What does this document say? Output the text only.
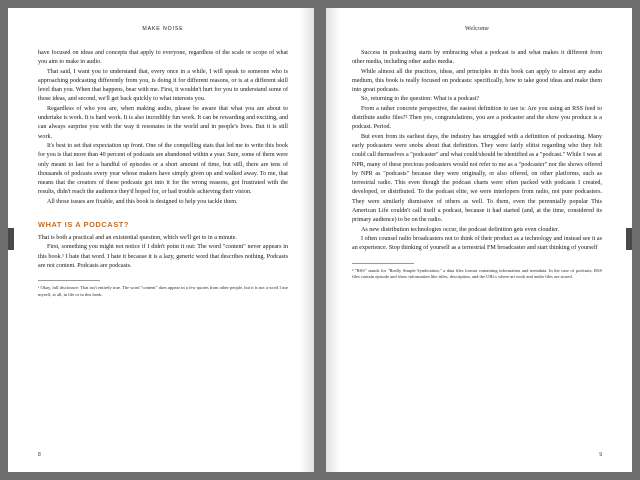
MAKE NOISE

have focused on ideas and concepts that apply to everyone, regardless of the scale or scope of what you aim to make in audio.

That said, I want you to understand that, every once in a while, I will speak to someone who is approaching podcasting differently from you, is doing it for different reasons, or is at a different skill level than you. When that happens, bear with me. First, it wouldn't hurt for you to understand some of those ideas, and second, we'll get back quickly to what interests you.

Regardless of who you are, when making audio, please be aware that what you are about to undertake is work. It is hard work. It is also incredibly fun work. It can be rewarding and exciting, and can always surprise you with the way it resonates in the world and in people's lives. But it is still work.

It's best to set that expectation up front. One of the compelling stats that led me to write this book for you is that more than 40 percent of podcasts are abandoned within a year. Sure, some of them were only meant to last for a handful of episodes or a short amount of time, but still, there are tens of thousands of podcasts every year whose makers have simply given up and walked away. To me, that means that the creators of these podcasts got into it for the wrong reasons, got frustrated with the results, didn't reach the audience they'd hoped for, or had trouble achieving their vision.

All those issues are fixable, and this book is designed to help you tackle them.

WHAT IS A PODCAST?

That is both a practical and an existential question, which we'll get to in a minute.

First, something you might not notice if I didn't point it out: The word "content" never appears in this book.¹ I hate that word. I hate it because it is a lazy, generic word that describes nothing. Podcasts are not content. Podcasts are podcasts.

¹ Okay, full disclosure: That isn't entirely true. The word "content" does appear in a few quotes from other people, but it is not a word I use myself, at all, in life or in this book.

8
Welcome

Success in podcasting starts by embracing what a podcast is and what makes it different from other media, including other audio media.

While almost all the practices, ideas, and principles in this book can apply to almost any audio medium, this book is really focused on podcasts: specifically, how to take good ideas and make them into great podcasts.

So, returning to the question: What is a podcast?

From a rather concrete perspective, the easiest definition to use is: Are you using an RSS feed to distribute audio files?² Then yes, congratulations, you are a podcaster and the show you produce is a podcast. Period.

But even from its earliest days, the industry has struggled with a definition of podcasting. Many early podcasters were snobs about that definition. They were fairly elitist regarding who they felt could call themselves a "podcaster" and what could/should be identified as a "podcast." While I was at NPR, many of these precious podcasters would not refer to me as a "podcaster" nor the shows offered by NPR as "podcasts" because they were originally, or also offered, on other platforms, such as terrestrial radio. This even though the podcast charts were often packed with podcasts I created, developed, or distributed. To the podcast elite, we were interlopers from radio, not pure podcasters. They were similarly dismissive of others as well. To them, even the perennially popular This American Life couldn't call itself a podcast, because it had started (and, at the time, considered its primary audience) to be on the radio.

As new distribution technologies occur, the podcast definition gets even cloudier.

I often counsel radio broadcasters not to think of their product as a technology and instead see it as an experience. Stop thinking of yourself as a terrestrial FM broadcaster and start thinking of yourself

² "RSS" stands for "Really Simple Syndication," a data files format containing information and metadata. In the case of podcasts, RSS files contain episode and show information like titles, description, and the URLs where art work and audio files are stored.

9
